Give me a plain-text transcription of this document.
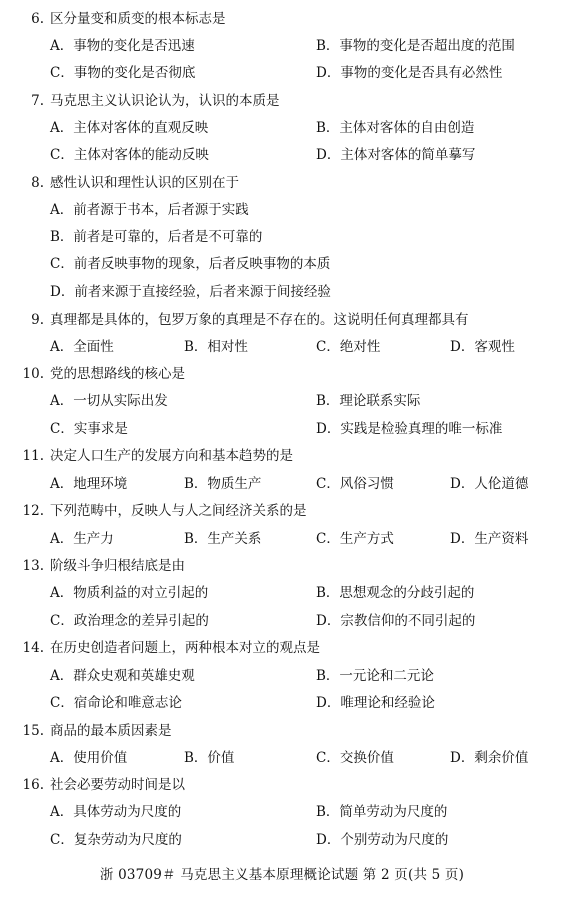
6. 区分量变和质变的根本标志是
A．事物的变化是否迅速	B．事物的变化是否超出度的范围
C．事物的变化是否彻底	D．事物的变化是否具有必然性
7. 马克思主义认识论认为，认识的本质是
A．主体对客体的直观反映	B．主体对客体的自由创造
C．主体对客体的能动反映	D．主体对客体的简单摹写
8. 感性认识和理性认识的区别在于
A．前者源于书本，后者源于实践
B．前者是可靠的，后者是不可靠的
C．前者反映事物的现象，后者反映事物的本质
D．前者来源于直接经验，后者来源于间接经验
9. 真理都是具体的，包罗万象的真理是不存在的。这说明任何真理都具有
A．全面性	B．相对性	C．绝对性	D．客观性
10. 党的思想路线的核心是
A．一切从实际出发	B．理论联系实际
C．实事求是	D．实践是检验真理的唯一标准
11. 决定人口生产的发展方向和基本趋势的是
A．地理环境	B．物质生产	C．风俗习惯	D．人伦道德
12. 下列范畴中，反映人与人之间经济关系的是
A．生产力	B．生产关系	C．生产方式	D．生产资料
13. 阶级斗争归根结底是由
A．物质利益的对立引起的	B．思想观念的分歧引起的
C．政治理念的差异引起的	D．宗教信仰的不同引起的
14. 在历史创造者问题上，两种根本对立的观点是
A．群众史观和英雄史观	B．一元论和二元论
C．宿命论和唯意志论	D．唯理论和经验论
15. 商品的最本质因素是
A．使用价值	B．价值	C．交换价值	D．剩余价值
16. 社会必要劳动时间是以
A．具体劳动为尺度的	B．简单劳动为尺度的
C．复杂劳动为尺度的	D．个别劳动为尺度的
浙 03709＃ 马克思主义基本原理概论试题 第 2 页(共 5 页)
